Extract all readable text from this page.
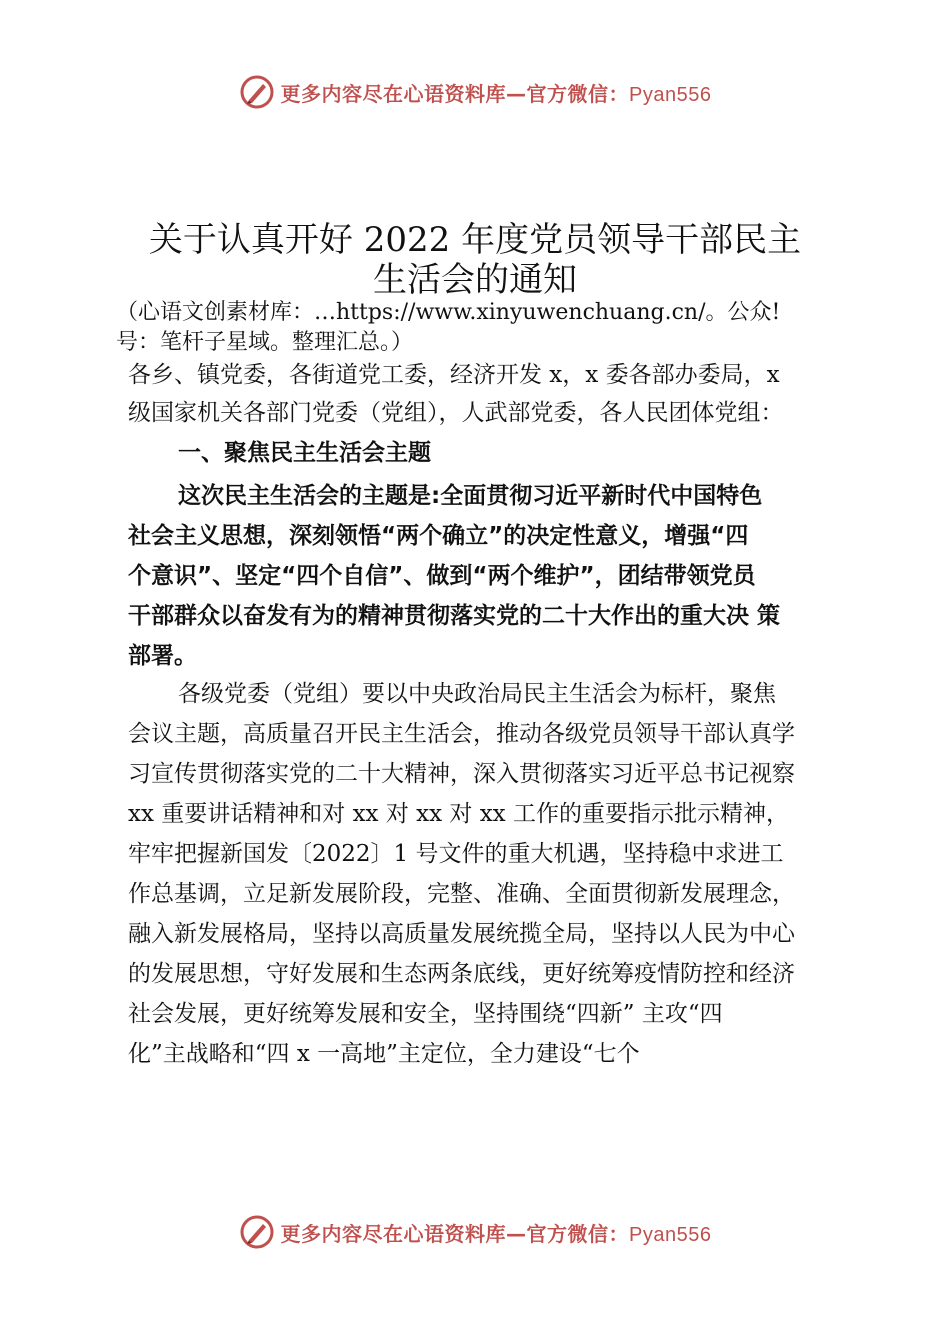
更多内容尽在心语资料库—官方微信：Pyan556
关于认真开好 2022 年度党员领导干部民主
生活会的通知
（心语文创素材库：…https://www.xinyuwenchuang.cn/。公众!
号：笔杆子星域。整理汇总。）
各乡、镇党委，各街道党工委，经济开发 x，x 委各部办委局，x
级国家机关各部门党委（党组），人武部党委，各人民团体党组：
一、聚焦民主生活会主题
这次民主生活会的主题是:全面贯彻习近平新时代中国特色
社会主义思想，深刻领悟“两个确立”的决定性意义，增强“四
个意识”、坚定“四个自信”、做到“两个维护”，团结带领党员
干部群众以奋发有为的精神贯彻落实党的二十大作出的重大决 策
部署。
各级党委（党组）要以中央政治局民主生活会为标杆，聚焦
会议主题，高质量召开民主生活会，推动各级党员领导干部认真学
习宣传贯彻落实党的二十大精神，深入贯彻落实习近平总书记视察
xx 重要讲话精神和对 xx 对 xx 对 xx 工作的重要指示批示精神，
牢牢把握新国发〔2022〕1 号文件的重大机遇，坚持稳中求进工
作总基调，立足新发展阶段，完整、准确、全面贯彻新发展理念，
融入新发展格局，坚持以高质量发展统揽全局，坚持以人民为中心
的发展思想，守好发展和生态两条底线，更好统筹疫情防控和经济
社会发展，更好统筹发展和安全，坚持围绕“四新” 主攻“四
化”主战略和“四 x 一高地”主定位，全力建设“七个
更多内容尽在心语资料库—官方微信：Pyan556
